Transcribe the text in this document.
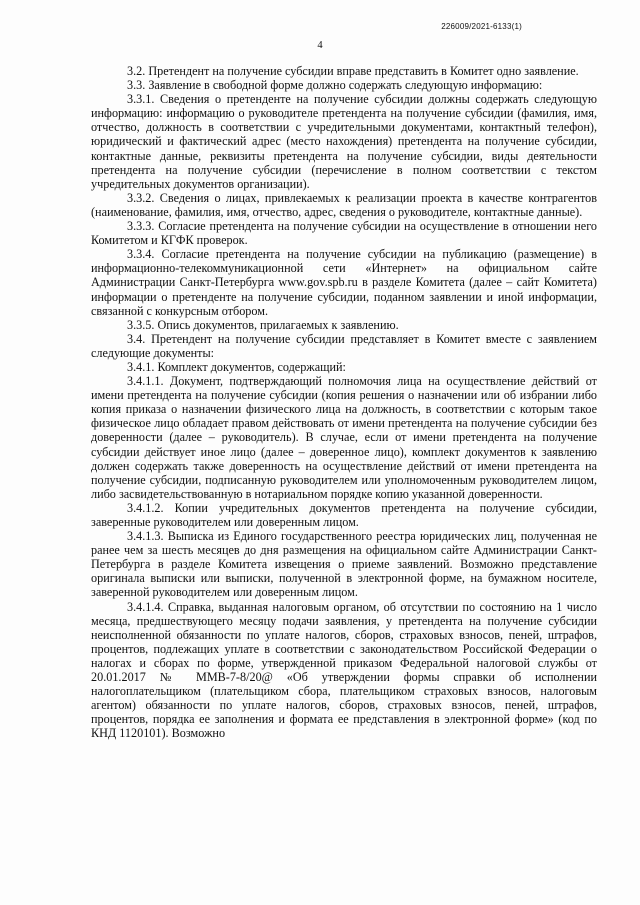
226009/2021-6133(1)
4

3.2. Претендент на получение субсидии вправе представить в Комитет одно заявление.

3.3. Заявление в свободной форме должно содержать следующую информацию:

3.3.1. Сведения о претенденте на получение субсидии должны содержать следующую информацию: информацию о руководителе претендента на получение субсидии (фамилия, имя, отчество, должность в соответствии с учредительными документами, контактный телефон), юридический и фактический адрес (место нахождения) претендента на получение субсидии, контактные данные, реквизиты претендента на получение субсидии, виды деятельности претендента на получение субсидии (перечисление в полном соответствии с текстом учредительных документов организации).

3.3.2. Сведения о лицах, привлекаемых к реализации проекта в качестве контрагентов (наименование, фамилия, имя, отчество, адрес, сведения о руководителе, контактные данные).

3.3.3. Согласие претендента на получение субсидии на осуществление в отношении него Комитетом и КГФК проверок.

3.3.4. Согласие претендента на получение субсидии на публикацию (размещение) в информационно-телекоммуникационной сети «Интернет» на официальном сайте Администрации Санкт-Петербурга www.gov.spb.ru в разделе Комитета (далее – сайт Комитета) информации о претенденте на получение субсидии, поданном заявлении и иной информации, связанной с конкурсным отбором.

3.3.5. Опись документов, прилагаемых к заявлению.

3.4. Претендент на получение субсидии представляет в Комитет вместе с заявлением следующие документы:

3.4.1. Комплект документов, содержащий:

3.4.1.1. Документ, подтверждающий полномочия лица на осуществление действий от имени претендента на получение субсидии (копия решения о назначении или об избрании либо копия приказа о назначении физического лица на должность, в соответствии с которым такое физическое лицо обладает правом действовать от имени претендента на получение субсидии без доверенности (далее – руководитель). В случае, если от имени претендента на получение субсидии действует иное лицо (далее – доверенное лицо), комплект документов к заявлению должен содержать также доверенность на осуществление действий от имени претендента на получение субсидии, подписанную руководителем или уполномоченным руководителем лицом, либо засвидетельствованную в нотариальном порядке копию указанной доверенности.

3.4.1.2. Копии учредительных документов претендента на получение субсидии, заверенные руководителем или доверенным лицом.

3.4.1.3. Выписка из Единого государственного реестра юридических лиц, полученная не ранее чем за шесть месяцев до дня размещения на официальном сайте Администрации Санкт-Петербурга в разделе Комитета извещения о приеме заявлений. Возможно представление оригинала выписки или выписки, полученной в электронной форме, на бумажном носителе, заверенной руководителем или доверенным лицом.

3.4.1.4. Справка, выданная налоговым органом, об отсутствии по состоянию на 1 число месяца, предшествующего месяцу подачи заявления, у претендента на получение субсидии неисполненной обязанности по уплате налогов, сборов, страховых взносов, пеней, штрафов, процентов, подлежащих уплате в соответствии с законодательством Российской Федерации о налогах и сборах по форме, утвержденной приказом Федеральной налоговой службы от 20.01.2017 № ММВ-7-8/20@ «Об утверждении формы справки об исполнении налогоплательщиком (плательщиком сбора, плательщиком страховых взносов, налоговым агентом) обязанности по уплате налогов, сборов, страховых взносов, пеней, штрафов, процентов, порядка ее заполнения и формата ее представления в электронной форме» (код по КНД 1120101). Возможно
